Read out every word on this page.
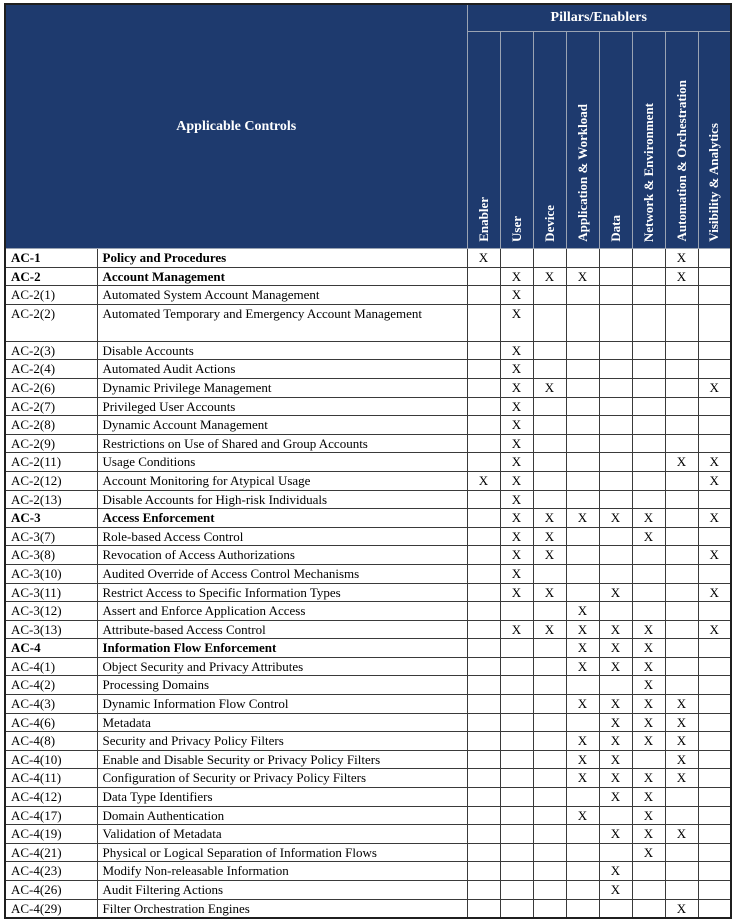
Applicable Controls		Pillars/Enablers							

		Enabler	User	Device	Application & Workload	Data	Network & Environment	Automation & Orchestration	Visibility & Analytics

AC-1	Policy and Procedures	X						X	
AC-2	Account Management		X	X	X			X	
AC-2(1)	Automated System Account Management		X						
AC-2(2)	Automated Temporary and Emergency Account Management		X						
AC-2(3)	Disable Accounts		X						
AC-2(4)	Automated Audit Actions		X						
AC-2(6)	Dynamic Privilege Management		X	X					X
AC-2(7)	Privileged User Accounts		X						
AC-2(8)	Dynamic Account Management		X						
AC-2(9)	Restrictions on Use of Shared and Group Accounts		X						
AC-2(11)	Usage Conditions		X					X	X
AC-2(12)	Account Monitoring for Atypical Usage	X	X						X
AC-2(13)	Disable Accounts for High-risk Individuals		X						
AC-3	Access Enforcement		X	X	X	X	X		X
AC-3(7)	Role-based Access Control		X	X			X		
AC-3(8)	Revocation of Access Authorizations		X	X					X
AC-3(10)	Audited Override of Access Control Mechanisms		X						
AC-3(11)	Restrict Access to Specific Information Types		X	X		X			X
AC-3(12)	Assert and Enforce Application Access				X				
AC-3(13)	Attribute-based Access Control		X	X	X	X	X		X
AC-4	Information Flow Enforcement				X	X	X		
AC-4(1)	Object Security and Privacy Attributes				X	X	X		
AC-4(2)	Processing Domains						X		
AC-4(3)	Dynamic Information Flow Control				X	X	X	X	
AC-4(6)	Metadata					X	X	X	
AC-4(8)	Security and Privacy Policy Filters				X	X	X	X	
AC-4(10)	Enable and Disable Security or Privacy Policy Filters				X	X		X	
AC-4(11)	Configuration of Security or Privacy Policy Filters				X	X	X	X	
AC-4(12)	Data Type Identifiers					X	X		
AC-4(17)	Domain Authentication				X		X		
AC-4(19)	Validation of Metadata					X	X	X	
AC-4(21)	Physical or Logical Separation of Information Flows						X		
AC-4(23)	Modify Non-releasable Information					X			
AC-4(26)	Audit Filtering Actions					X			
AC-4(29)	Filter Orchestration Engines							X	
